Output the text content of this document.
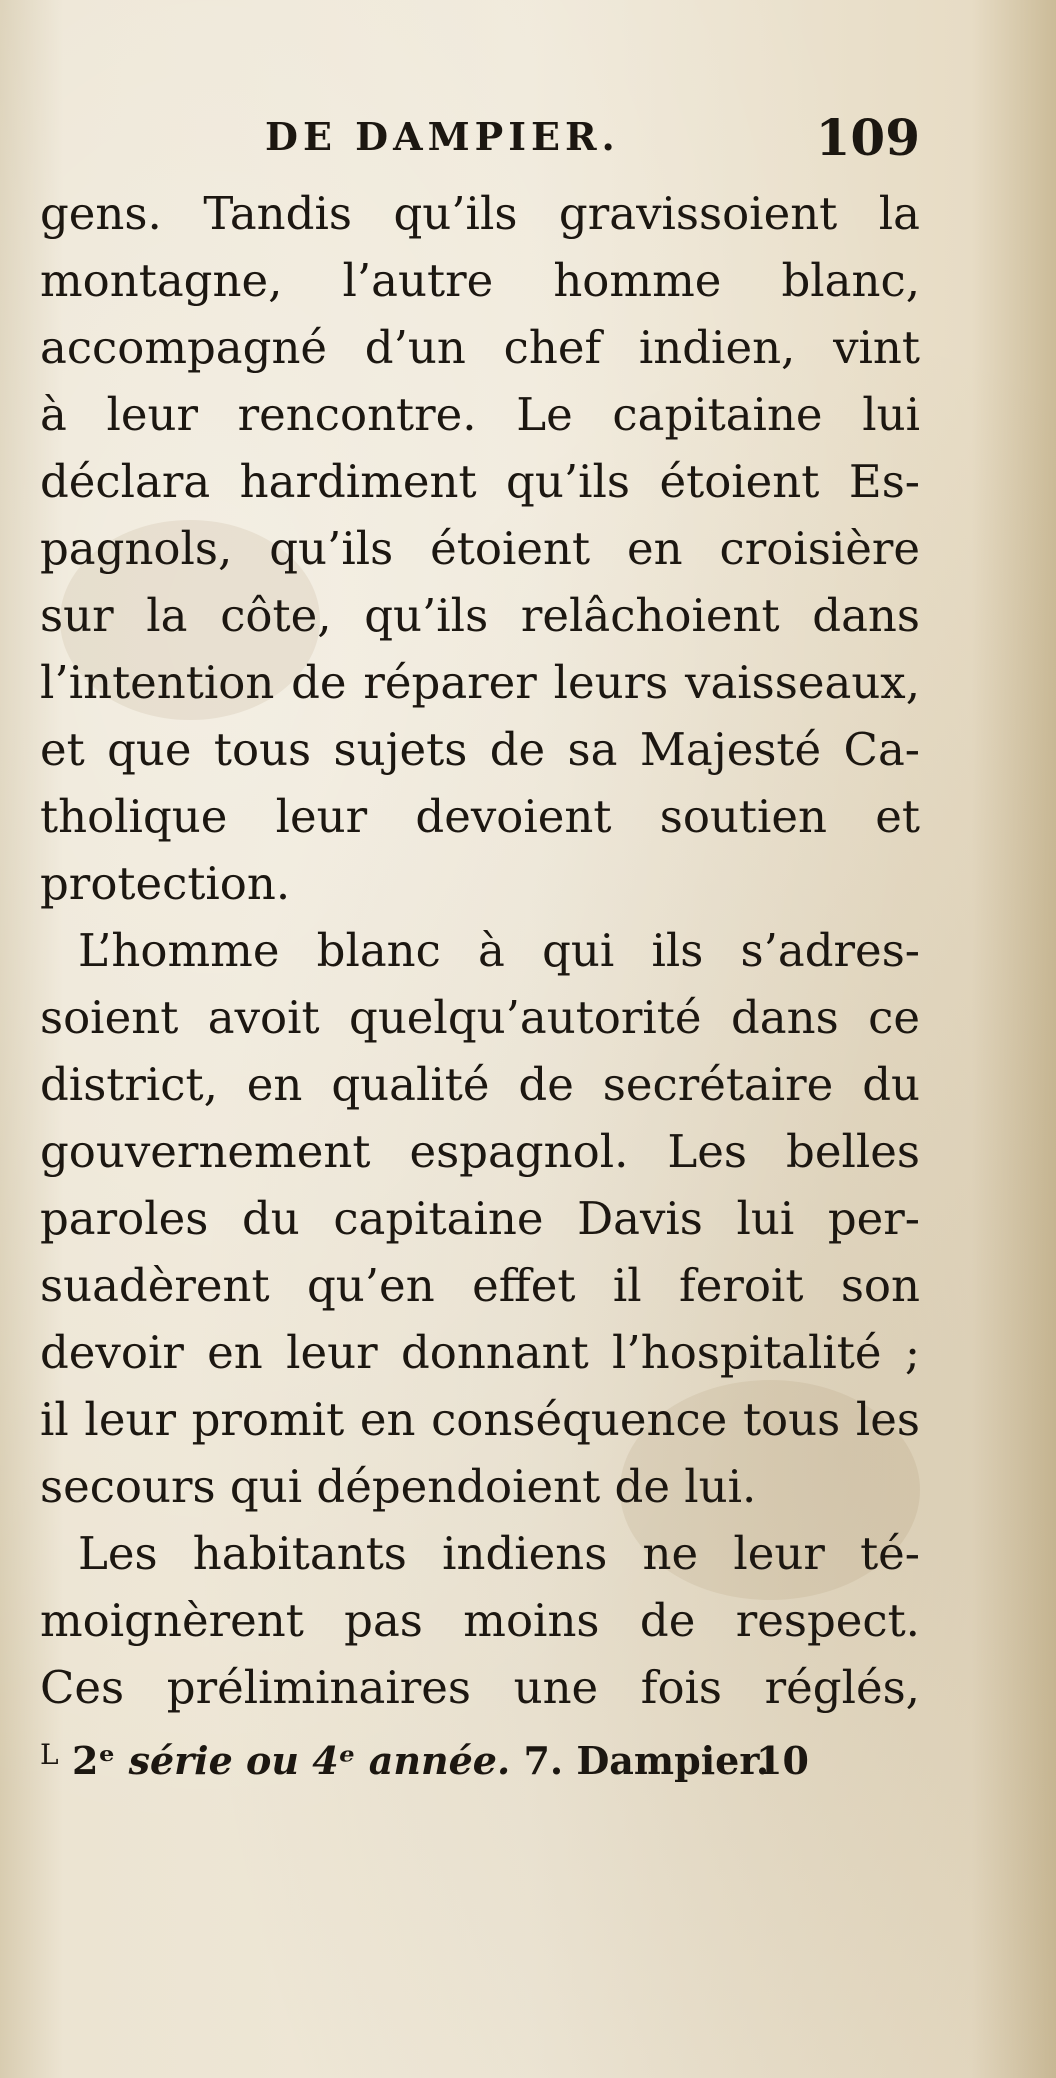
DE DAMPIER.	109
gens. Tandis qu’ils gravissoient la
montagne, l’autre homme blanc,
accompagné d’un chef indien, vint
à leur rencontre. Le capitaine lui
déclara hardiment qu’ils étoient Es-
pagnols, qu’ils étoient en croisière
sur la côte, qu’ils relâchoient dans
l’intention de réparer leurs vaisseaux,
et que tous sujets de sa Majesté Ca-
tholique leur devoient soutien et
protection.
L’homme blanc à qui ils s’adres-
soient avoit quelqu’autorité dans ce
district, en qualité de secrétaire du
gouvernement espagnol. Les belles
paroles du capitaine Davis lui per-
suadèrent qu’en effet il feroit son
devoir en leur donnant l’hospitalité ;
il leur promit en conséquence tous les
secours qui dépendoient de lui.
Les habitants indiens ne leur té-
moignèrent pas moins de respect.
Ces préliminaires une fois réglés,
L 2ᵉ série ou 4ᵉ année. 7. Dampier.
10
